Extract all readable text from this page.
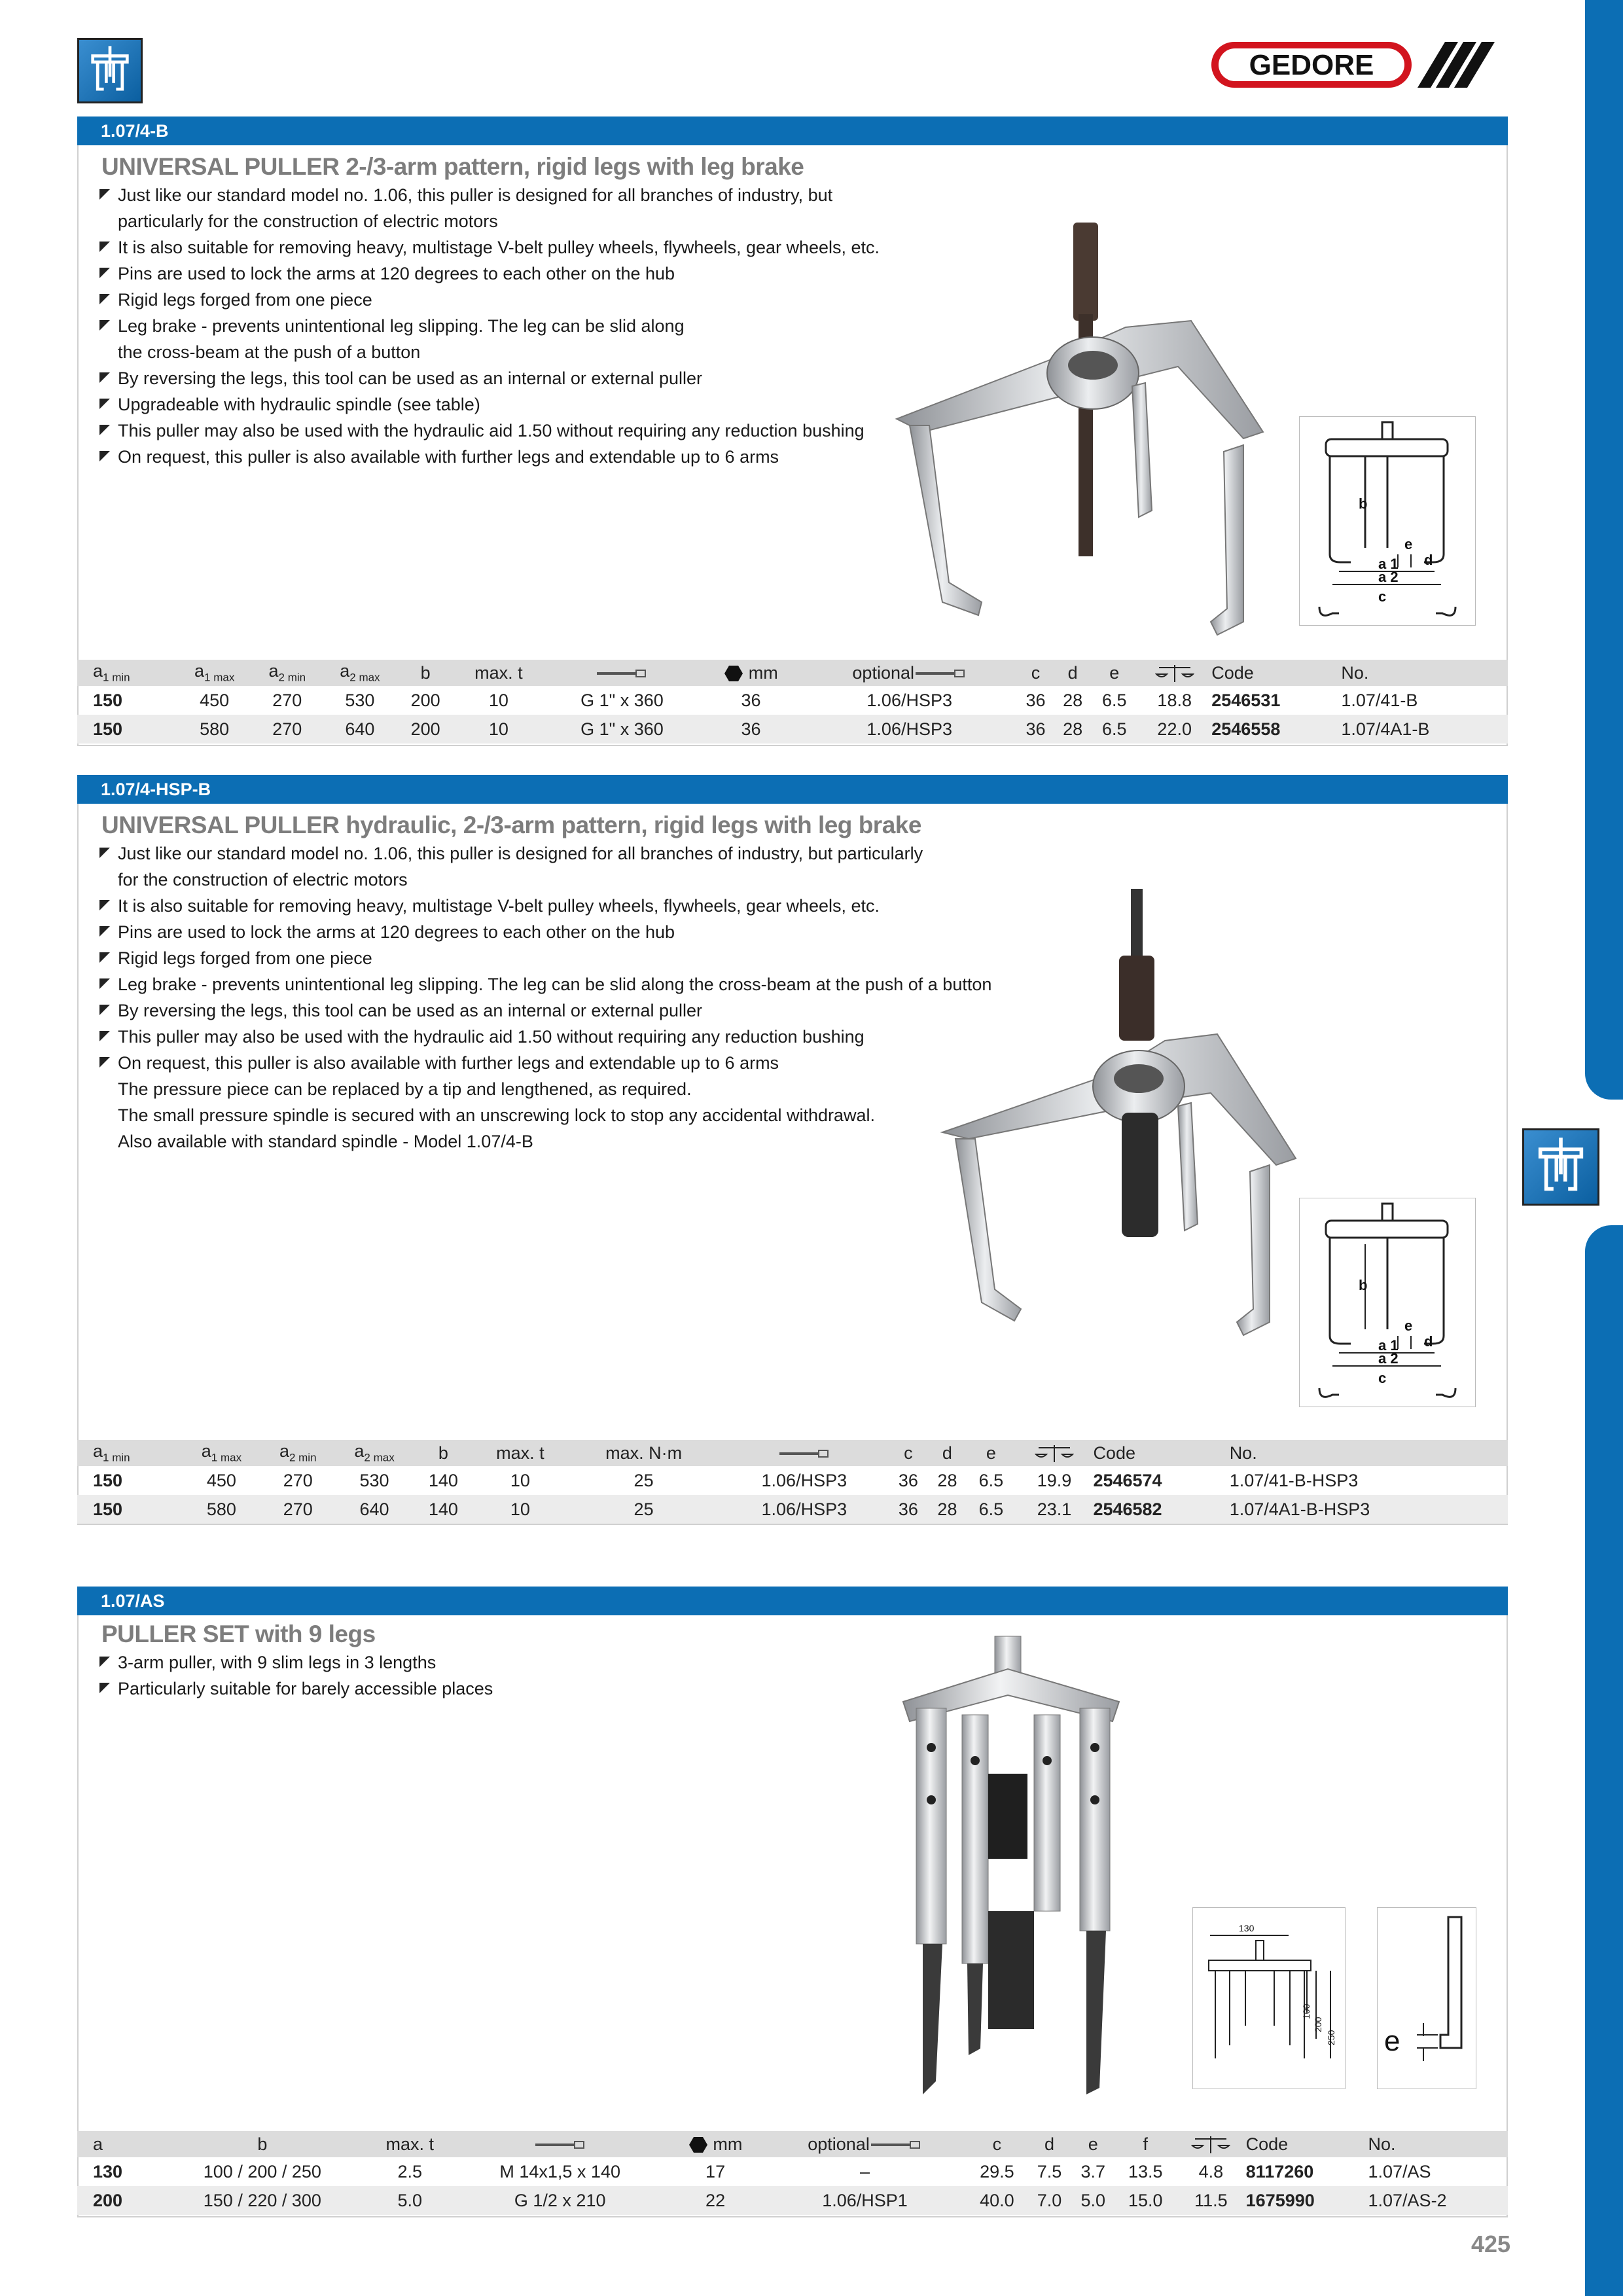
GEDORE
1.07/4-B
UNIVERSAL PULLER 2-/3-arm pattern, rigid legs with leg brake
Just like our standard model no. 1.06, this puller is designed for all branches of industry, but
particularly for the construction of electric motors
It is also suitable for removing heavy, multistage V-belt pulley wheels, flywheels, gear wheels, etc.
Pins are used to lock the arms at 120 degrees to each other on the hub
Rigid legs forged from one piece
Leg brake - prevents unintentional leg slipping. The leg can be slid along
the cross-beam at the push of a button
By reversing the legs, this tool can be used as an internal or external puller
Upgradeable with hydraulic spindle (see table)
This puller may also be used with the hydraulic aid 1.50 without requiring any reduction bushing
On request, this puller is also available with further legs and extendable up to 6 arms
b
e
d
a 1
a 2
c
$a_{1 min}$	$a_{1 max}$	$a_{2 min}$	$a_{2 max}$	b	max. t		mm	optional	c	d	e		Code	No.
150	450	270	530	200	10	G 1" x 360	36	1.06/HSP3	36	28	6.5	18.8	2546531	1.07/41-B
150	580	270	640	200	10	G 1" x 360	36	1.06/HSP3	36	28	6.5	22.0	2546558	1.07/4A1-B
1.07/4-HSP-B
UNIVERSAL PULLER hydraulic, 2-/3-arm pattern, rigid legs with leg brake
Just like our standard model no. 1.06, this puller is designed for all branches of industry, but particularly
for the construction of electric motors
It is also suitable for removing heavy, multistage V-belt pulley wheels, flywheels, gear wheels, etc.
Pins are used to lock the arms at 120 degrees to each other on the hub
Rigid legs forged from one piece
Leg brake - prevents unintentional leg slipping. The leg can be slid along the cross-beam at the push of a button
By reversing the legs, this tool can be used as an internal or external puller
This puller may also be used with the hydraulic aid 1.50 without requiring any reduction bushing
On request, this puller is also available with further legs and extendable up to 6 arms
The pressure piece can be replaced by a tip and lengthened, as required.
The small pressure spindle is secured with an unscrewing lock to stop any accidental withdrawal.
Also available with standard spindle - Model 1.07/4-B
b
e
d
a 1
a 2
c
$a_{1 min}$	$a_{1 max}$	$a_{2 min}$	$a_{2 max}$	b	max. t	max. N·m		c	d	e		Code	No.
150	450	270	530	140	10	25	1.06/HSP3	36	28	6.5	19.9	2546574	1.07/41-B-HSP3
150	580	270	640	140	10	25	1.06/HSP3	36	28	6.5	23.1	2546582	1.07/4A1-B-HSP3
1.07/AS
PULLER SET with 9 legs
3-arm puller, with 9 slim legs in 3 lengths
Particularly suitable for barely accessible places
130
100
200
250 e
a	b	max. t		mm	optional	c	d	e	f		Code	No.
130	100 / 200 / 250	2.5	M 14x1,5 x 140	17	–	29.5	7.5	3.7	13.5	4.8	8117260	1.07/AS
200	150 / 220 / 300	5.0	G 1/2 x 210	22	1.06/HSP1	40.0	7.0	5.0	15.0	11.5	1675990	1.07/AS-2
425
